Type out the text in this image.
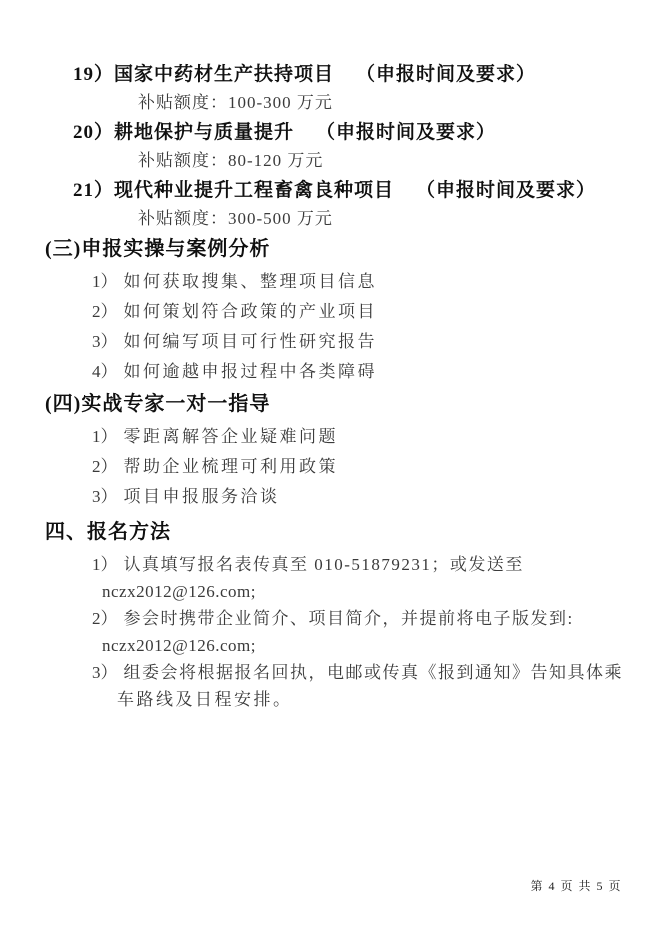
19）国家中药材生产扶持项目 （申报时间及要求）
补贴额度：100-300 万元
20）耕地保护与质量提升 （申报时间及要求）
补贴额度：80-120 万元
21）现代种业提升工程畜禽良种项目 （申报时间及要求）
补贴额度：300-500 万元
(三)申报实操与案例分析
1） 如何获取搜集、整理项目信息
2） 如何策划符合政策的产业项目
3） 如何编写项目可行性研究报告
4） 如何逾越申报过程中各类障碍
(四)实战专家一对一指导
1） 零距离解答企业疑难问题
2） 帮助企业梳理可利用政策
3） 项目申报服务洽谈
四、报名方法
1） 认真填写报名表传真至 010-51879231；或发送至
nczx2012@126.com;
2） 参会时携带企业简介、项目简介，并提前将电子版发到:
nczx2012@126.com;
3） 组委会将根据报名回执，电邮或传真《报到通知》告知具体乘
车路线及日程安排。
第 4 页 共 5 页
